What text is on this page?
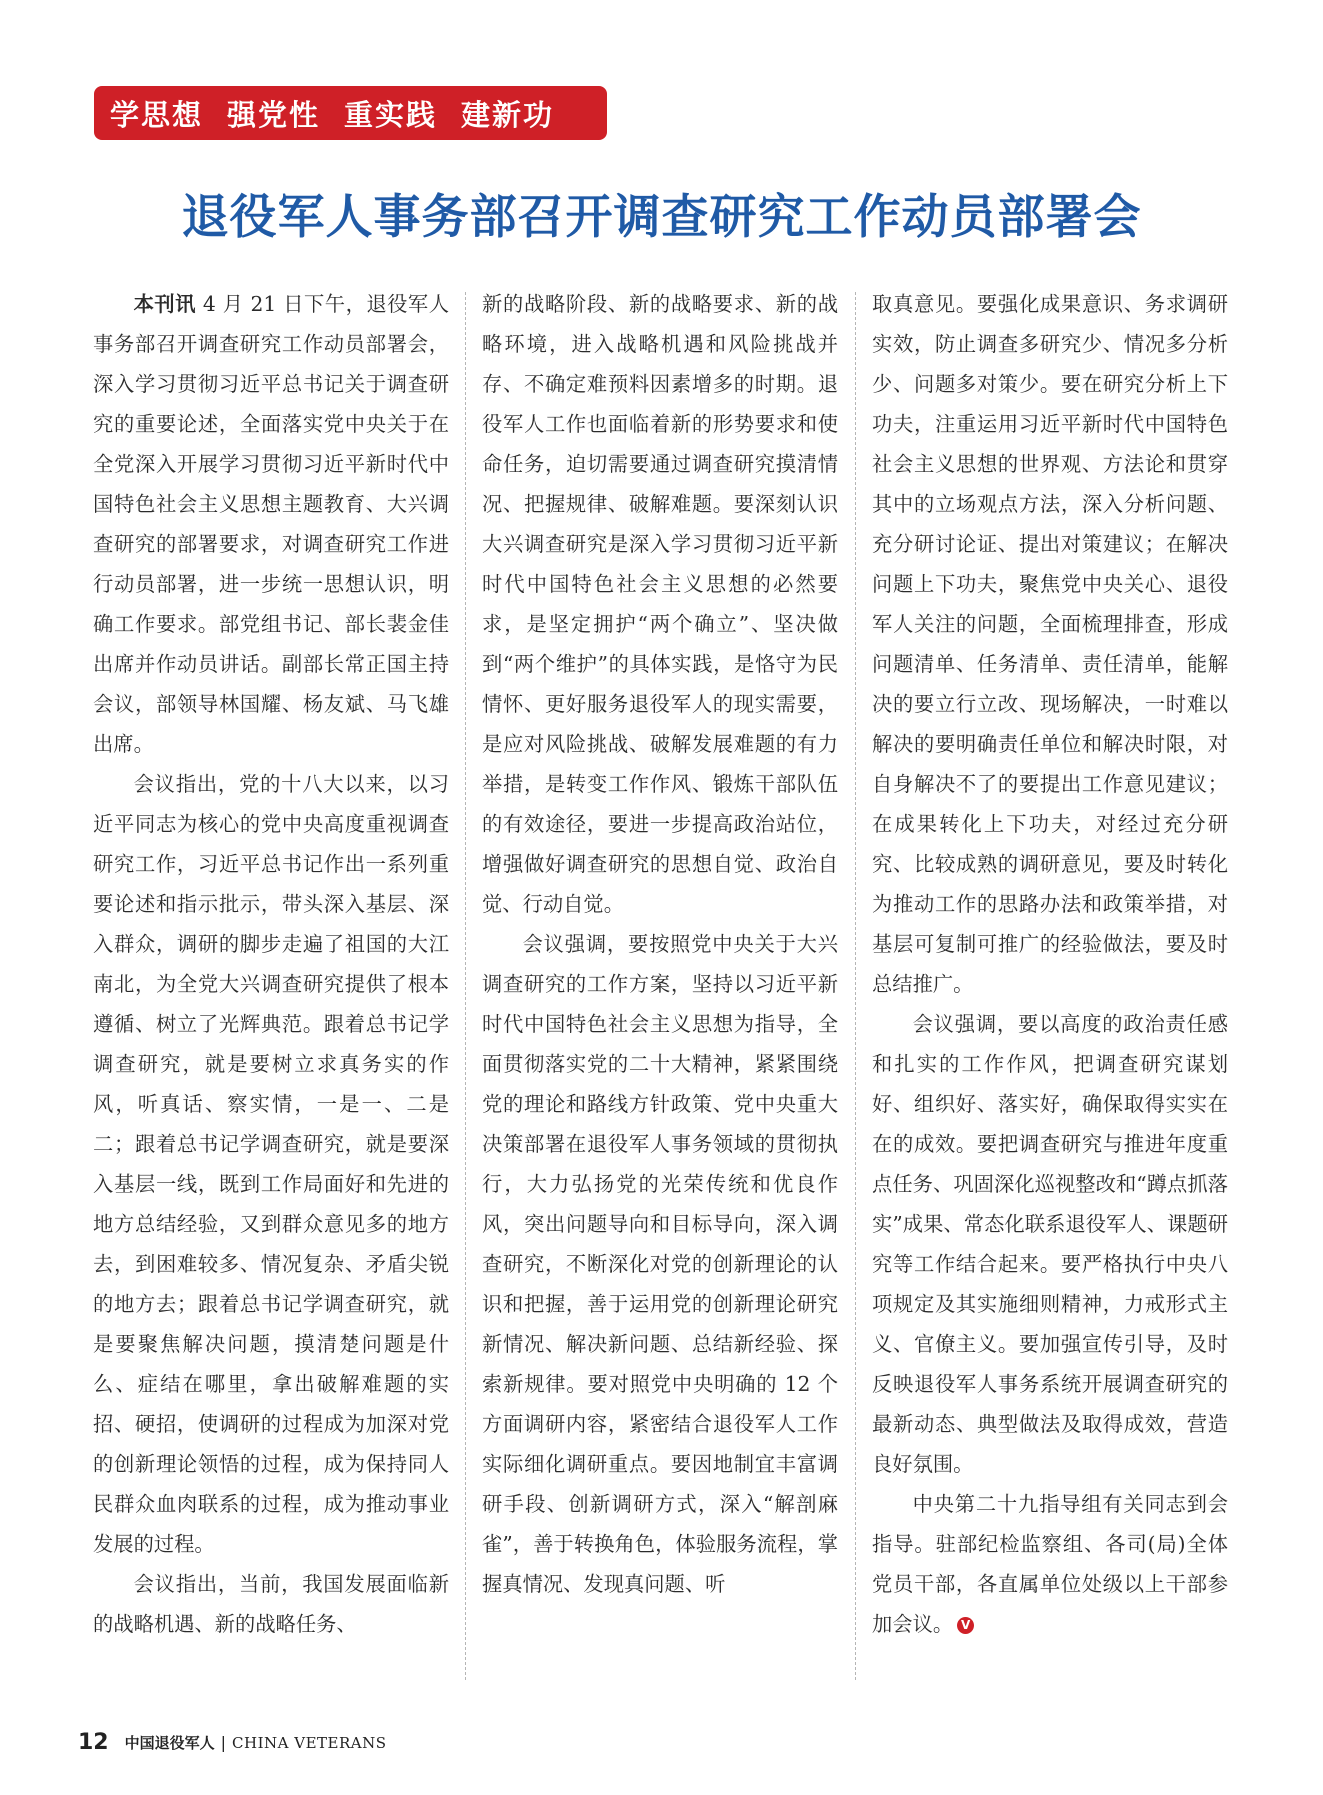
学思想 强党性 重实践 建新功
退役军人事务部召开调查研究工作动员部署会

本刊讯 4 月 21 日下午，退役军人事务部召开调查研究工作动员部署会，深入学习贯彻习近平总书记关于调查研究的重要论述，全面落实党中央关于在全党深入开展学习贯彻习近平新时代中国特色社会主义思想主题教育、大兴调查研究的部署要求，对调查研究工作进行动员部署，进一步统一思想认识，明确工作要求。部党组书记、部长裴金佳出席并作动员讲话。副部长常正国主持会议，部领导林国耀、杨友斌、马飞雄出席。

会议指出，党的十八大以来，以习近平同志为核心的党中央高度重视调查研究工作，习近平总书记作出一系列重要论述和指示批示，带头深入基层、深入群众，调研的脚步走遍了祖国的大江南北，为全党大兴调查研究提供了根本遵循、树立了光辉典范。跟着总书记学调查研究，就是要树立求真务实的作风，听真话、察实情，一是一、二是二；跟着总书记学调查研究，就是要深入基层一线，既到工作局面好和先进的地方总结经验，又到群众意见多的地方去，到困难较多、情况复杂、矛盾尖锐的地方去；跟着总书记学调查研究，就是要聚焦解决问题，摸清楚问题是什么、症结在哪里，拿出破解难题的实招、硬招，使调研的过程成为加深对党的创新理论领悟的过程，成为保持同人民群众血肉联系的过程，成为推动事业发展的过程。

会议指出，当前，我国发展面临新的战略机遇、新的战略任务、

新的战略阶段、新的战略要求、新的战略环境，进入战略机遇和风险挑战并存、不确定难预料因素增多的时期。退役军人工作也面临着新的形势要求和使命任务，迫切需要通过调查研究摸清情况、把握规律、破解难题。要深刻认识大兴调查研究是深入学习贯彻习近平新时代中国特色社会主义思想的必然要求，是坚定拥护“两个确立”、坚决做到“两个维护”的具体实践，是恪守为民情怀、更好服务退役军人的现实需要，是应对风险挑战、破解发展难题的有力举措，是转变工作作风、锻炼干部队伍的有效途径，要进一步提高政治站位，增强做好调查研究的思想自觉、政治自觉、行动自觉。

会议强调，要按照党中央关于大兴调查研究的工作方案，坚持以习近平新时代中国特色社会主义思想为指导，全面贯彻落实党的二十大精神，紧紧围绕党的理论和路线方针政策、党中央重大决策部署在退役军人事务领域的贯彻执行，大力弘扬党的光荣传统和优良作风，突出问题导向和目标导向，深入调查研究，不断深化对党的创新理论的认识和把握，善于运用党的创新理论研究新情况、解决新问题、总结新经验、探索新规律。要对照党中央明确的 12 个方面调研内容，紧密结合退役军人工作实际细化调研重点。要因地制宜丰富调研手段、创新调研方式，深入“解剖麻雀”，善于转换角色，体验服务流程，掌握真情况、发现真问题、听

取真意见。要强化成果意识、务求调研实效，防止调查多研究少、情况多分析少、问题多对策少。要在研究分析上下功夫，注重运用习近平新时代中国特色社会主义思想的世界观、方法论和贯穿其中的立场观点方法，深入分析问题、充分研讨论证、提出对策建议；在解决问题上下功夫，聚焦党中央关心、退役军人关注的问题，全面梳理排查，形成问题清单、任务清单、责任清单，能解决的要立行立改、现场解决，一时难以解决的要明确责任单位和解决时限，对自身解决不了的要提出工作意见建议；在成果转化上下功夫，对经过充分研究、比较成熟的调研意见，要及时转化为推动工作的思路办法和政策举措，对基层可复制可推广的经验做法，要及时总结推广。

会议强调，要以高度的政治责任感和扎实的工作作风，把调查研究谋划好、组织好、落实好，确保取得实实在在的成效。要把调查研究与推进年度重点任务、巩固深化巡视整改和“蹲点抓落实”成果、常态化联系退役军人、课题研究等工作结合起来。要严格执行中央八项规定及其实施细则精神，力戒形式主义、官僚主义。要加强宣传引导，及时反映退役军人事务系统开展调查研究的最新动态、典型做法及取得成效，营造良好氛围。

中央第二十九指导组有关同志到会指导。驻部纪检监察组、各司(局)全体党员干部，各直属单位处级以上干部参加会议。 V

12 中国退役军人 | CHINA VETERANS
